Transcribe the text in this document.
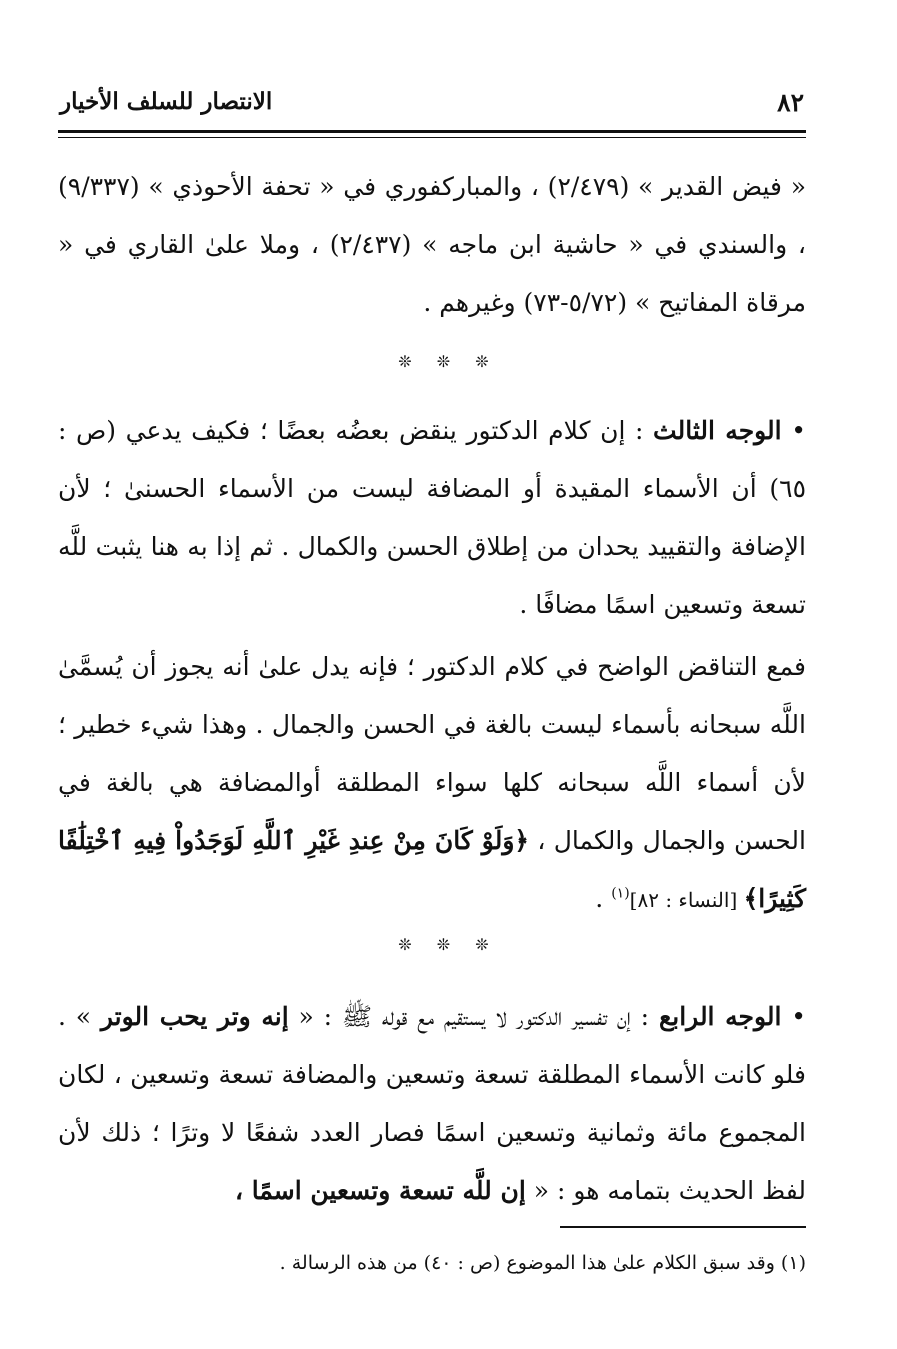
٨٢
الانتصار للسلف الأخيار
« فيض القدير » (٢/٤٧٩) ، والمباركفوري في « تحفة الأحوذي » (٩/٣٣٧) ، والسندي في « حاشية ابن ماجه » (٢/٤٣٧) ، وملا علىٰ القاري في « مرقاة المفاتيح » (٥/٧٢-٧٣) وغيرهم .
❊ ❊ ❊
• الوجه الثالث : إن كلام الدكتور ينقض بعضُه بعضًا ؛ فكيف يدعي (ص : ٦٥) أن الأسماء المقيدة أو المضافة ليست من الأسماء الحسنىٰ ؛ لأن الإضافة والتقييد يحدان من إطلاق الحسن والكمال . ثم إذا به هنا يثبت للَّه تسعة وتسعين اسمًا مضافًا .
فمع التناقض الواضح في كلام الدكتور ؛ فإنه يدل علىٰ أنه يجوز أن يُسمَّىٰ اللَّه سبحانه بأسماء ليست بالغة في الحسن والجمال . وهذا شيء خطير ؛ لأن أسماء اللَّه سبحانه كلها سواء المطلقة أوالمضافة هي بالغة في الحسن والجمال والكمال ، ﴿وَلَوْ كَانَ مِنْ عِندِ غَيْرِ ٱللَّهِ لَوَجَدُواْ فِيهِ ٱخْتِلَٰفًا كَثِيرًا﴾ [النساء : ٨٢]$^{(١)}$ .
❊ ❊ ❊
• الوجه الرابع : إن تفسير الدكتور لا يستقيم مع قوله ﷺ : « إنه وتر يحب الوتر » . فلو كانت الأسماء المطلقة تسعة وتسعين والمضافة تسعة وتسعين ، لكان المجموع مائة وثمانية وتسعين اسمًا فصار العدد شفعًا لا وترًا ؛ ذلك لأن لفظ الحديث بتمامه هو : « إن للَّه تسعة وتسعين اسمًا ،
(١) وقد سبق الكلام علىٰ هذا الموضوع (ص : ٤٠) من هذه الرسالة .
